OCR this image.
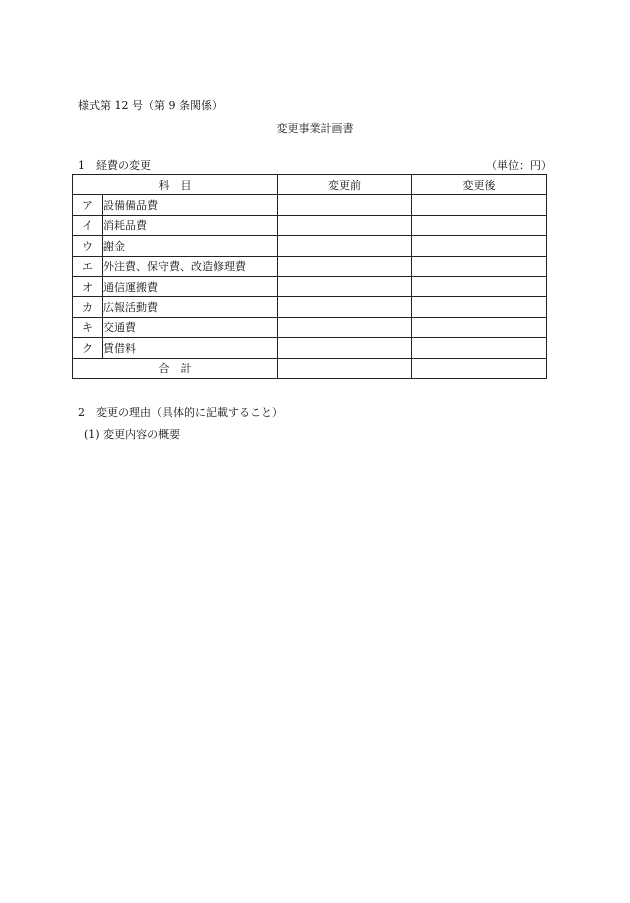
様式第 12 号（第 9 条関係）
変更事業計画書
1　経費の変更	（単位：円）
科　目		変更前	変更後
ア	設備備品費		
イ	消耗品費		
ウ	謝金		
エ	外注費、保守費、改造修理費		
オ	通信運搬費		
カ	広報活動費		
キ	交通費		
ク	賃借料		
合　計			
2　変更の理由（具体的に記載すること）
(1) 変更内容の概要
